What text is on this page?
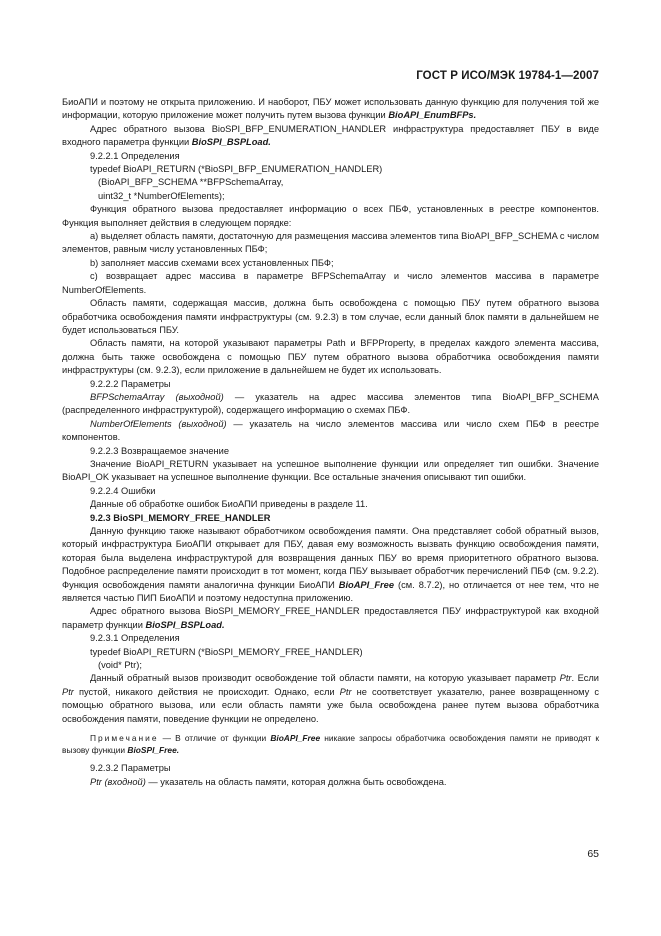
ГОСТ Р ИСО/МЭК 19784-1—2007

БиоАПИ и поэтому не открыта приложению. И наоборот, ПБУ может использовать данную функцию для получения той же информации, которую приложение может получить путем вызова функции BioAPI_EnumBFPs.

Адрес обратного вызова BioSPI_BFP_ENUMERATION_HANDLER инфраструктура предоставляет ПБУ в виде входного параметра функции BioSPI_BSPLoad.

9.2.2.1 Определения

typedef BioAPI_RETURN (*BioSPI_BFP_ENUMERATION_HANDLER)

(BioAPI_BFP_SCHEMA **BFPSchemaArray,

uint32_t *NumberOfElements);

Функция обратного вызова предоставляет информацию о всех ПБФ, установленных в реестре компонентов. Функция выполняет действия в следующем порядке:

a) выделяет область памяти, достаточную для размещения массива элементов типа BioAPI_BFP_SCHEMA с числом элементов, равным числу установленных ПБФ;

b) заполняет массив схемами всех установленных ПБФ;

c) возвращает адрес массива в параметре BFPSchemaArray и число элементов массива в параметре NumberOfElements.

Область памяти, содержащая массив, должна быть освобождена с помощью ПБУ путем обратного вызова обработчика освобождения памяти инфраструктуры (см. 9.2.3) в том случае, если данный блок памяти в дальнейшем не будет использоваться ПБУ.

Область памяти, на которой указывают параметры Path и BFPProperty, в пределах каждого элемента массива, должна быть также освобождена с помощью ПБУ путем обратного вызова обработчика освобождения памяти инфраструктуры (см. 9.2.3), если приложение в дальнейшем не будет их использовать.

9.2.2.2 Параметры

BFPSchemaArray (выходной) — указатель на адрес массива элементов типа BioAPI_BFP_SCHEMA (распределенного инфраструктурой), содержащего информацию о схемах ПБФ.

NumberOfElements (выходной) — указатель на число элементов массива или число схем ПБФ в реестре компонентов.

9.2.2.3 Возвращаемое значение

Значение BioAPI_RETURN указывает на успешное выполнение функции или определяет тип ошибки. Значение BioAPI_OK указывает на успешное выполнение функции. Все остальные значения описывают тип ошибки.

9.2.2.4 Ошибки

Данные об обработке ошибок БиоАПИ приведены в разделе 11.

9.2.3 BioSPI_MEMORY_FREE_HANDLER

Данную функцию также называют обработчиком освобождения памяти. Она представляет собой обратный вызов, который инфраструктура БиоАПИ открывает для ПБУ, давая ему возможность вызвать функцию освобождения памяти, которая была выделена инфраструктурой для возвращения данных ПБУ во время приоритетного обратного вызова. Подобное распределение памяти происходит в тот момент, когда ПБУ вызывает обработчик перечислений ПБФ (см. 9.2.2). Функция освобождения памяти аналогична функции БиоАПИ BioAPI_Free (см. 8.7.2), но отличается от нее тем, что не является частью ПИП БиоАПИ и поэтому недоступна приложению.

Адрес обратного вызова BioSPI_MEMORY_FREE_HANDLER предоставляется ПБУ инфраструктурой как входной параметр функции BioSPI_BSPLoad.

9.2.3.1 Определения

typedef BioAPI_RETURN (*BioSPI_MEMORY_FREE_HANDLER)

(void* Ptr);

Данный обратный вызов производит освобождение той области памяти, на которую указывает параметр Ptr. Если Ptr пустой, никакого действия не происходит. Однако, если Ptr не соответствует указателю, ранее возвращенному с помощью обратного вызова, или если область памяти уже была освобождена ранее путем вызова обработчика освобождения памяти, поведение функции не определено.

Примечание — В отличие от функции BioAPI_Free никакие запросы обработчика освобождения памяти не приводят к вызову функции BioSPI_Free.

9.2.3.2 Параметры

Ptr (входной) — указатель на область памяти, которая должна быть освобождена.

65
